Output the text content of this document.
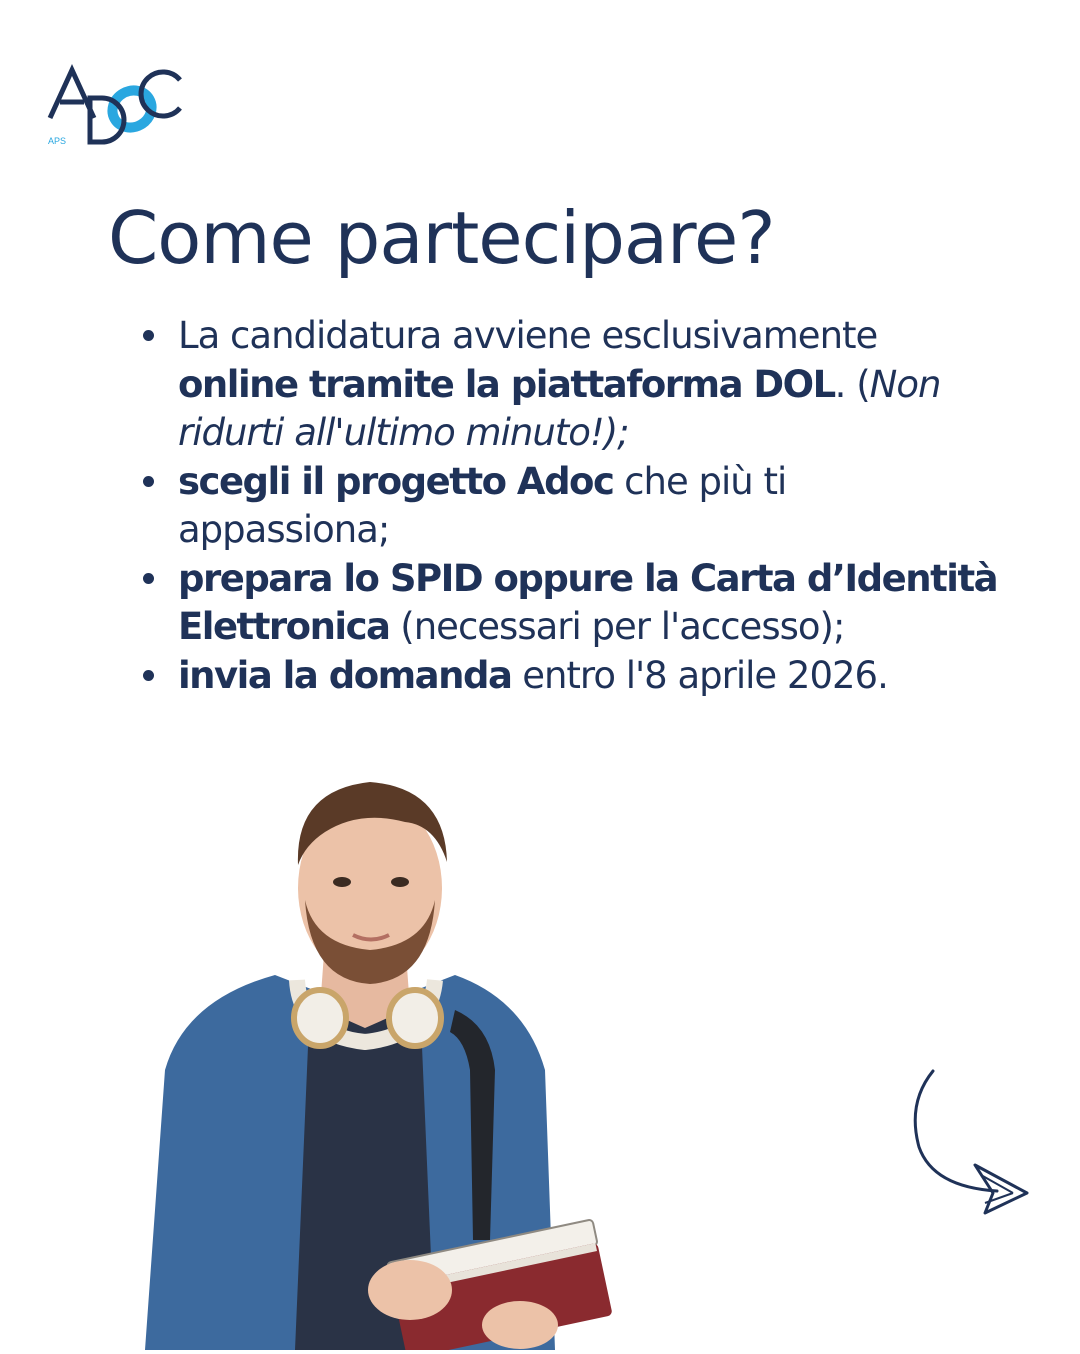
APS
Come partecipare?
La candidatura avviene esclusivamente online tramite la piattaforma DOL. (Non ridurti all'ultimo minuto!);
scegli il progetto Adoc che più ti appassiona;
prepara lo SPID oppure la Carta d’Identità Elettronica (necessari per l'accesso);
invia la domanda entro l'8 aprile 2026.
